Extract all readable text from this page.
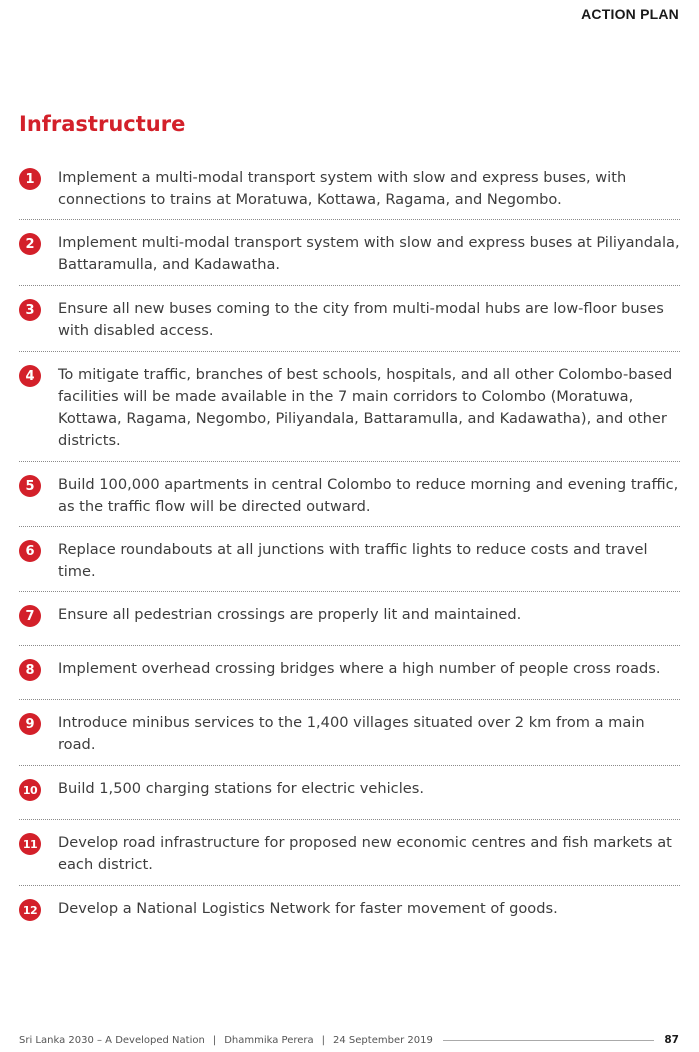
ACTION PLAN
Infrastructure
1	Implement a multi-modal transport system with slow and express buses, with connections to trains at Moratuwa, Kottawa, Ragama, and Negombo.
2	Implement multi-modal transport system with slow and express buses at Piliyandala, Battaramulla, and Kadawatha.
3	Ensure all new buses coming to the city from multi-modal hubs are low-floor buses with disabled access.
4	To mitigate traffic, branches of best schools, hospitals, and all other Colombo-based facilities will be made available in the 7 main corridors to Colombo (Moratuwa, Kottawa, Ragama, Negombo, Piliyandala, Battaramulla, and Kadawatha), and other districts.
5	Build 100,000 apartments in central Colombo to reduce morning and evening traffic, as the traffic flow will be directed outward.
6	Replace roundabouts at all junctions with traffic lights to reduce costs and travel time.
7	Ensure all pedestrian crossings are properly lit and maintained.
8	Implement overhead crossing bridges where a high number of people cross roads.
9	Introduce minibus services to the 1,400 villages situated over 2 km from a main road.
10 Build 1,500 charging stations for electric vehicles.
11 Develop road infrastructure for proposed new economic centres and fish markets at each district.
12 Develop a National Logistics Network for faster movement of goods.
Sri Lanka 2030 – A Developed Nation | Dhammika Perera | 24 September 2019	87
